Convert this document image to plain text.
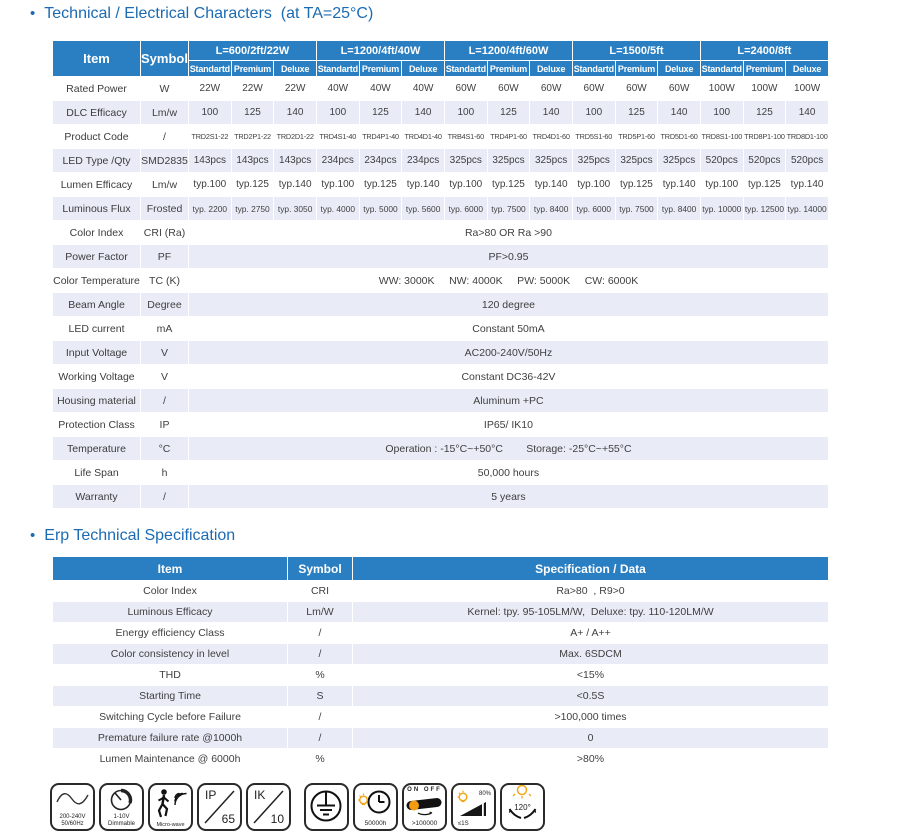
• Technical / Electrical Characters  (at TA=25°C)
Item	Symbol	L=600/2ft/22W			L=1200/4ft/40W			L=1200/4ft/60W			L=1500/5ft			L=2400/8ft		
		Standartd	Premium	Deluxe	Standartd	Premium	Deluxe	Standartd	Premium	Deluxe	Standartd	Premium	Deluxe	Standartd	Premium	Deluxe
Rated Power	W	22W	22W	22W	40W	40W	40W	60W	60W	60W	60W	60W	60W	100W	100W	100W
DLC Efficacy	Lm/w	100	125	140	100	125	140	100	125	140	100	125	140	100	125	140
Product Code	/	TRD2S1-22	TRD2P1-22	TRD2D1-22	TRD4S1-40	TRD4P1-40	TRD4D1-40	TRB4S1-60	TRD4P1-60	TRD4D1-60	TRD5S1-60	TRD5P1-60	TRD5D1-60	TRD8S1-100	TRD8P1-100	TRD8D1-100
LED Type /Qty	SMD2835	143pcs	143pcs	143pcs	234pcs	234pcs	234pcs	325pcs	325pcs	325pcs	325pcs	325pcs	325pcs	520pcs	520pcs	520pcs
Lumen Efficacy	Lm/w	typ.100	typ.125	typ.140	typ.100	typ.125	typ.140	typ.100	typ.125	typ.140	typ.100	typ.125	typ.140	typ.100	typ.125	typ.140
Luminous Flux	Frosted	typ. 2200	typ. 2750	typ. 3050	typ. 4000	typ. 5000	typ. 5600	typ. 6000	typ. 7500	typ. 8400	typ. 6000	typ. 7500	typ. 8400	typ. 10000	typ. 12500	typ. 14000
Color Index	CRI (Ra)	Ra>80 OR Ra >90														
Power Factor	PF	PF>0.95														
Color Temperature	TC (K)	WW: 3000K     NW: 4000K     PW: 5000K     CW: 6000K														
Beam Angle	Degree	120 degree														
LED current	mA	Constant 50mA														
Input Voltage	V	AC200-240V/50Hz														
Working Voltage	V	Constant DC36-42V														
Housing material	/	Aluminum +PC														
Protection Class	IP	IP65/ IK10														
Temperature	°C	Operation : -15°C~+50°C        Storage: -25°C~+55°C														
Life Span	h	50,000 hours														
Warranty	/	5 years														
• Erp Technical Specification
Item	Symbol	Specification / Data
Color Index	CRI	Ra>80  , R9>0
Luminous Efficacy	Lm/W	Kernel: tpy. 95-105LM/W,  Deluxe: tpy. 110-120LM/W
Energy efficiency Class	/	A+ / A++
Color consistency in level	/	Max. 6SDCM
THD	%	<15%
Starting Time	S	<0.5S
Switching Cycle before Failure	/	>100,000 times
Premature failure rate @1000h	/	0
Lumen Maintenance @ 6000h	%	>80%
200-240V
50/60Hz
1-10V
Dimmable	Micro-wave
IP
65
IK
10	50000h
ON OFF
>100000
80%
≤1S
120°
